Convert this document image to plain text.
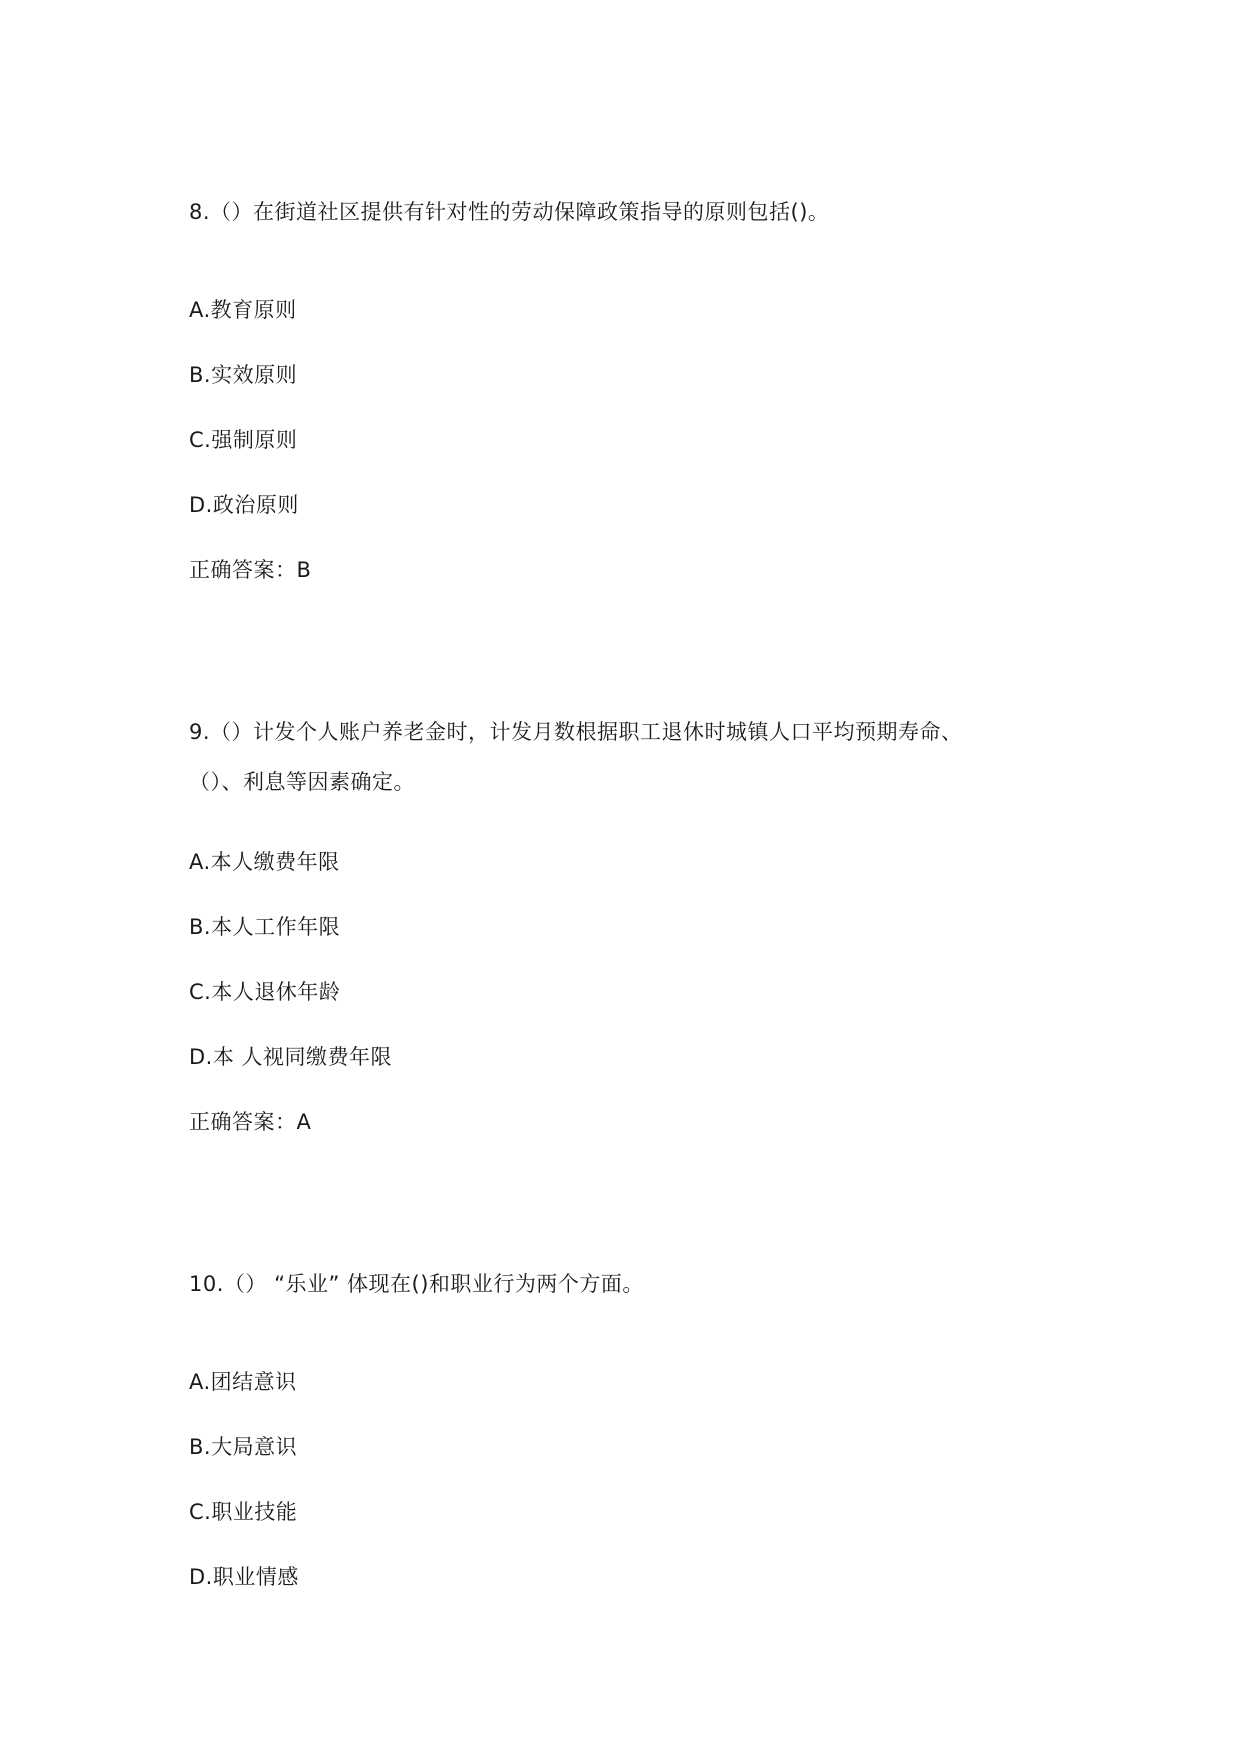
8.（）在街道社区提供有针对性的劳动保障政策指导的原则包括()。

A.教育原则

B.实效原则

C.强制原则

D.政治原则

正确答案：B

9.（）计发个人账户养老金时，计发月数根据职工退休时城镇人口平均预期寿命、

（）、利息等因素确定。

A.本人缴费年限

B.本人工作年限

C.本人退休年龄

D.本 人视同缴费年限

正确答案：A

10.（） “乐业” 体现在()和职业行为两个方面。

A.团结意识

B.大局意识

C.职业技能

D.职业情感
